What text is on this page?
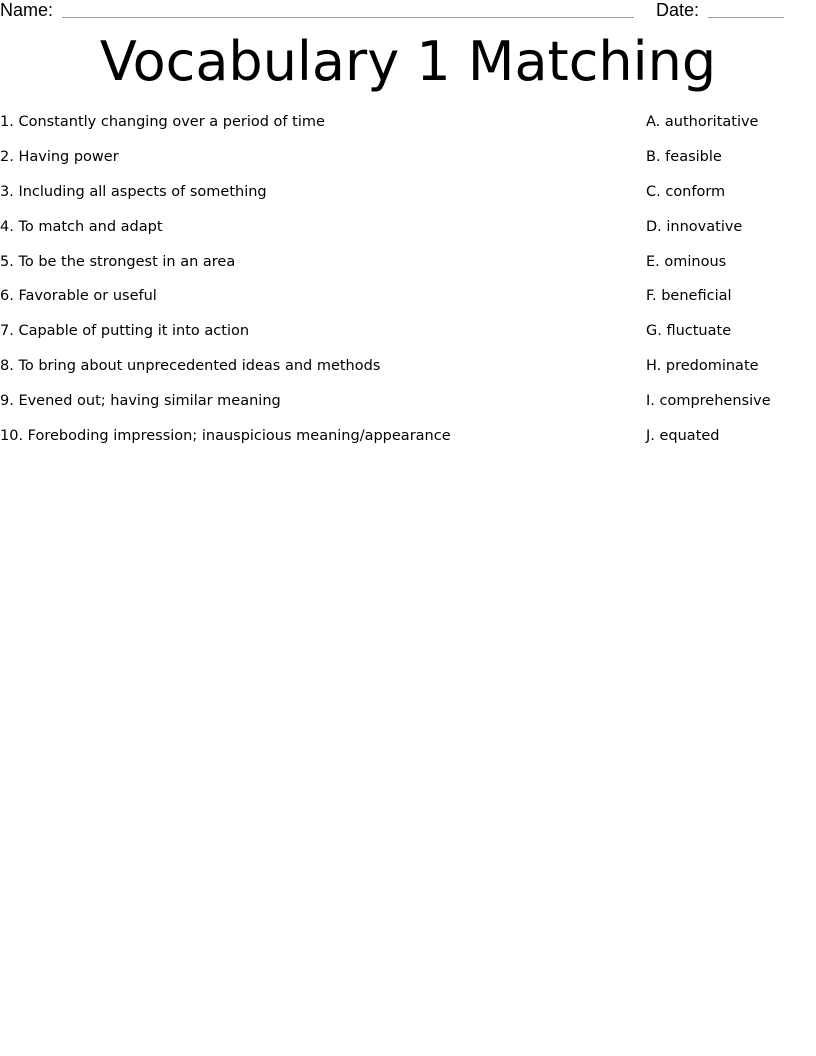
Name:	Date:
Vocabulary 1 Matching
1. Constantly changing over a period of time
2. Having power
3. Including all aspects of something
4. To match and adapt
5. To be the strongest in an area
6. Favorable or useful
7. Capable of putting it into action
8. To bring about unprecedented ideas and methods
9. Evened out; having similar meaning
10. Foreboding impression; inauspicious meaning/appearance
A. authoritative
B. feasible
C. conform
D. innovative
E. ominous
F. beneficial
G. fluctuate
H. predominate
I. comprehensive
J. equated
